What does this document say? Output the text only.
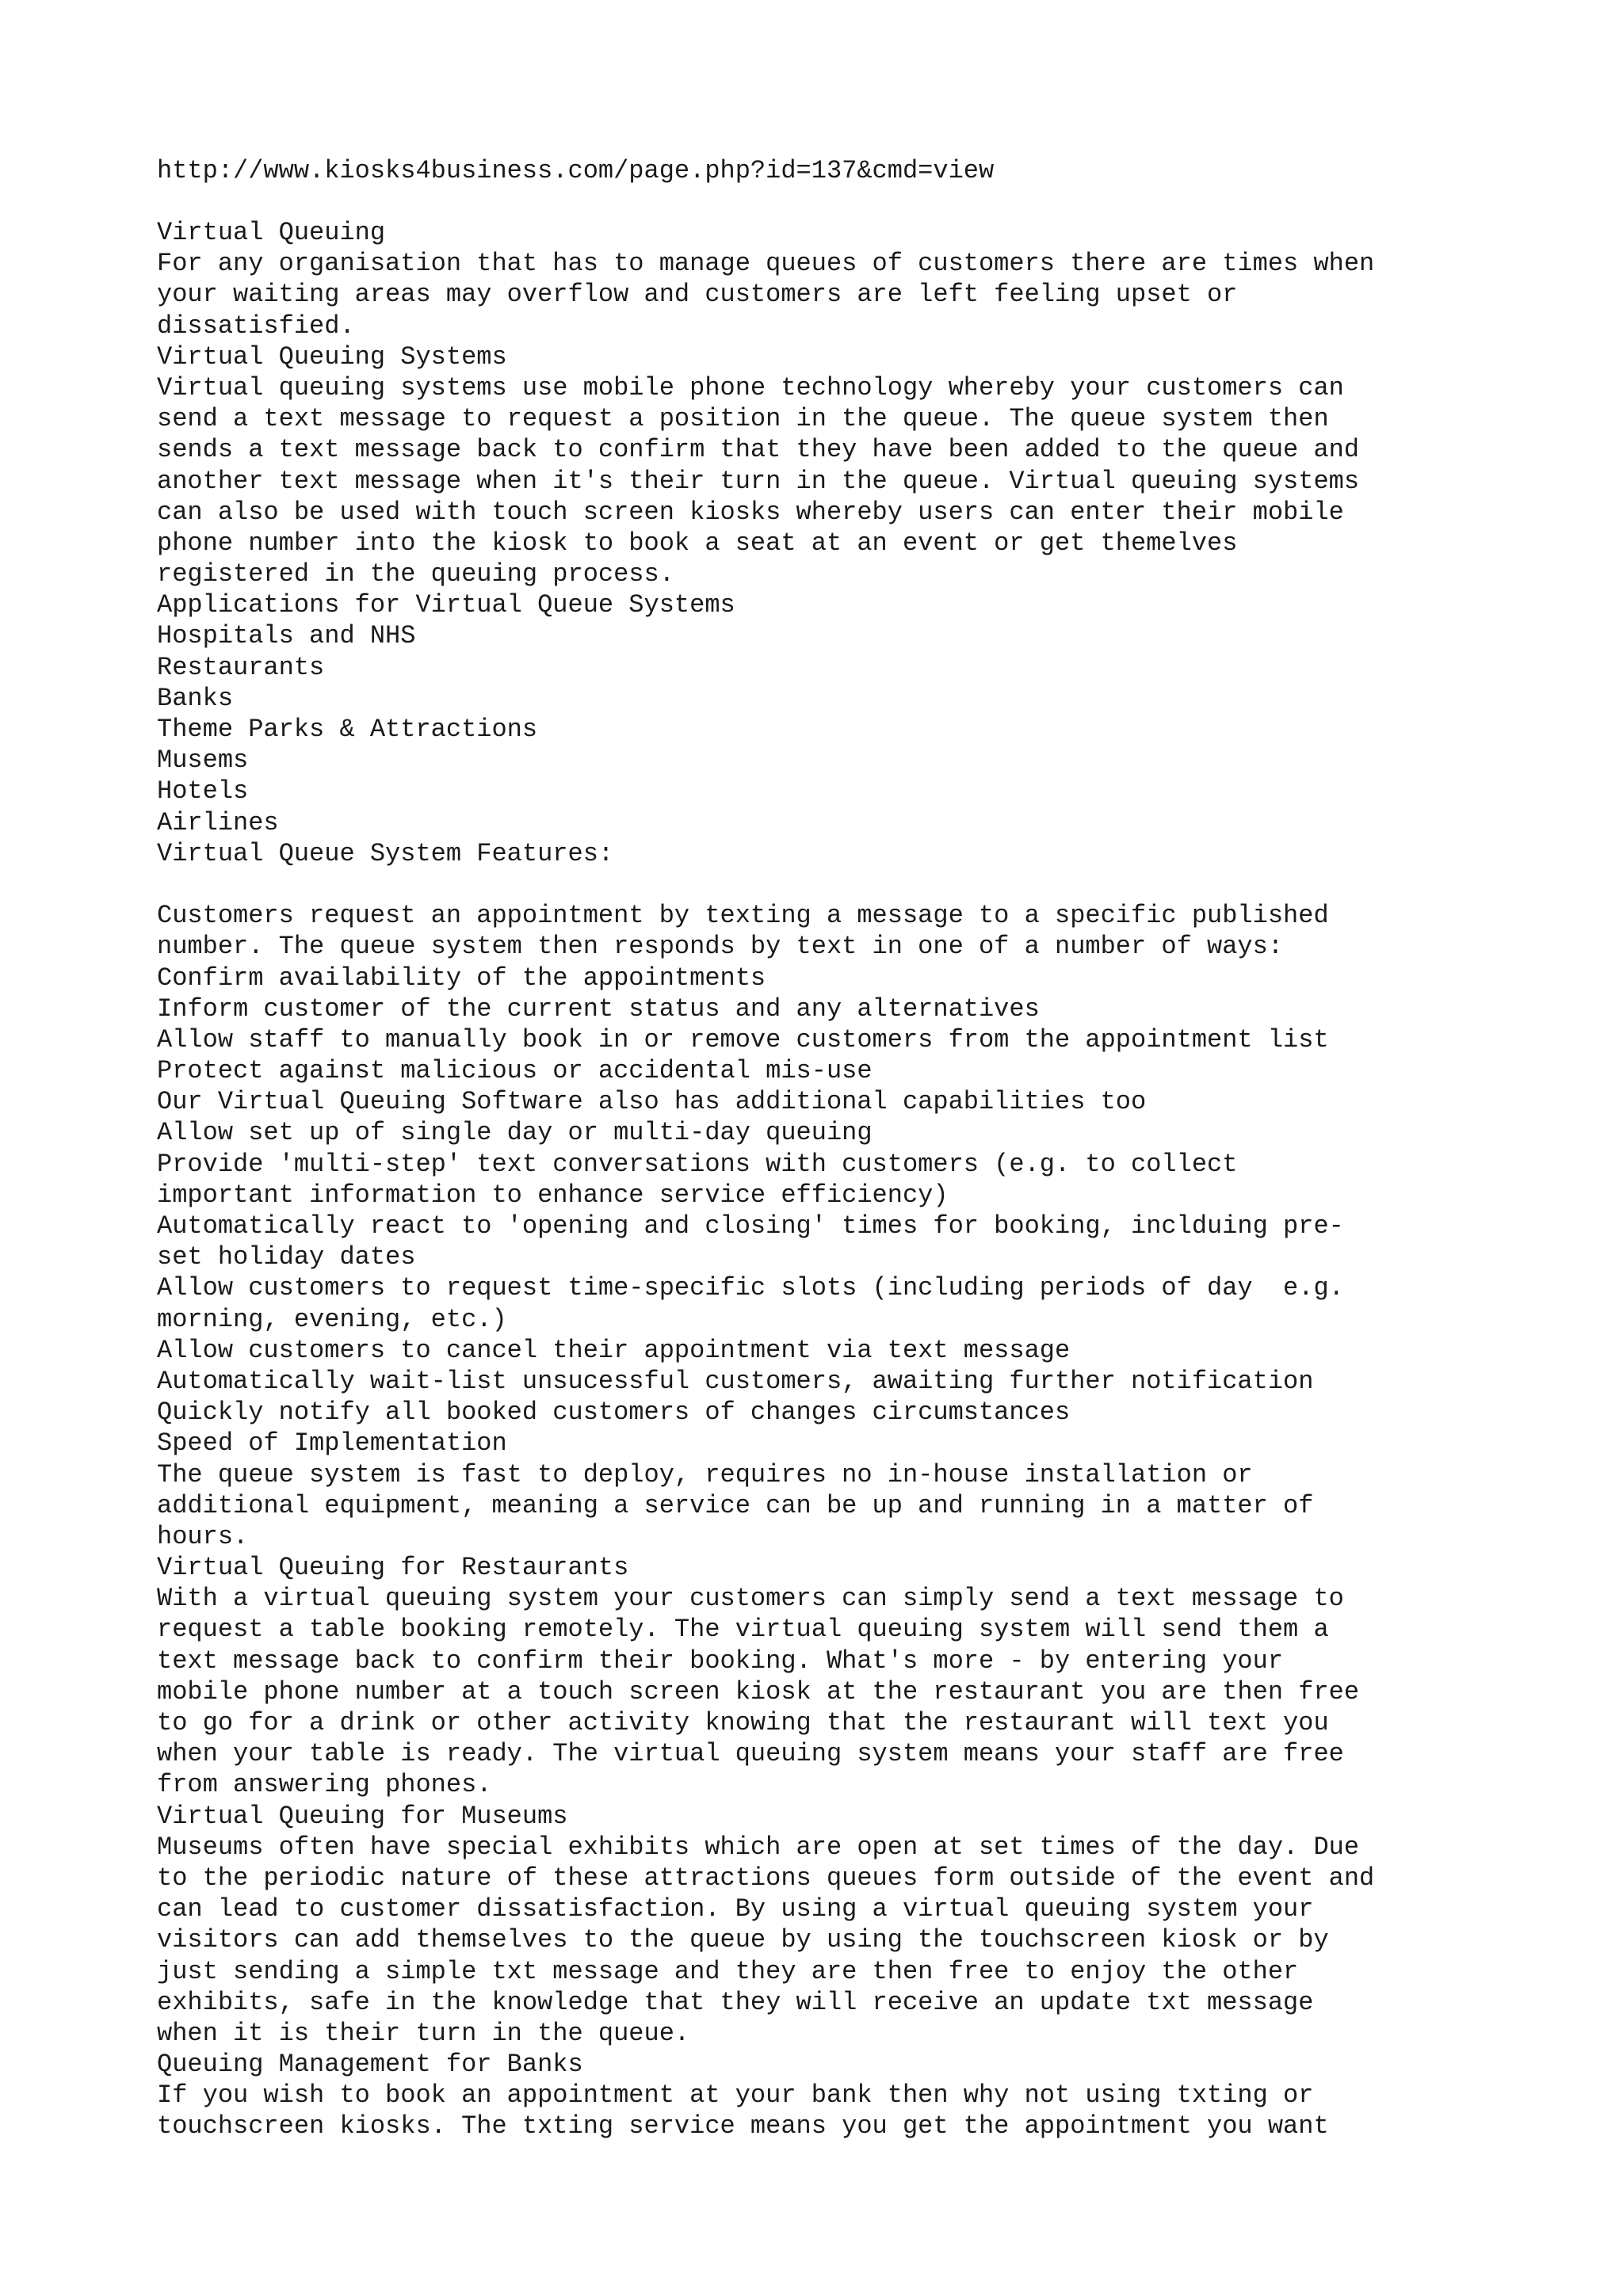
http://www.kiosks4business.com/page.php?id=137&cmd=view
Virtual Queuing
For any organisation that has to manage queues of customers there are times when
your waiting areas may overflow and customers are left feeling upset or
dissatisfied.
Virtual Queuing Systems
Virtual queuing systems use mobile phone technology whereby your customers can
send a text message to request a position in the queue. The queue system then
sends a text message back to confirm that they have been added to the queue and
another text message when it's their turn in the queue. Virtual queuing systems
can also be used with touch screen kiosks whereby users can enter their mobile
phone number into the kiosk to book a seat at an event or get themelves
registered in the queuing process.
Applications for Virtual Queue Systems
Hospitals and NHS
Restaurants
Banks
Theme Parks & Attractions
Musems
Hotels
Airlines
Virtual Queue System Features:
Customers request an appointment by texting a message to a specific published
number. The queue system then responds by text in one of a number of ways:
Confirm availability of the appointments
Inform customer of the current status and any alternatives
Allow staff to manually book in or remove customers from the appointment list
Protect against malicious or accidental mis-use
Our Virtual Queuing Software also has additional capabilities too
Allow set up of single day or multi-day queuing
Provide 'multi-step' text conversations with customers (e.g. to collect
important information to enhance service efficiency)
Automatically react to 'opening and closing' times for booking, inclduing pre-
set holiday dates
Allow customers to request time-specific slots (including periods of day  e.g.
morning, evening, etc.)
Allow customers to cancel their appointment via text message
Automatically wait-list unsucessful customers, awaiting further notification
Quickly notify all booked customers of changes circumstances
Speed of Implementation
The queue system is fast to deploy, requires no in-house installation or
additional equipment, meaning a service can be up and running in a matter of
hours.
Virtual Queuing for Restaurants
With a virtual queuing system your customers can simply send a text message to
request a table booking remotely. The virtual queuing system will send them a
text message back to confirm their booking. What's more - by entering your
mobile phone number at a touch screen kiosk at the restaurant you are then free
to go for a drink or other activity knowing that the restaurant will text you
when your table is ready. The virtual queuing system means your staff are free
from answering phones.
Virtual Queuing for Museums
Museums often have special exhibits which are open at set times of the day. Due
to the periodic nature of these attractions queues form outside of the event and
can lead to customer dissatisfaction. By using a virtual queuing system your
visitors can add themselves to the queue by using the touchscreen kiosk or by
just sending a simple txt message and they are then free to enjoy the other
exhibits, safe in the knowledge that they will receive an update txt message
when it is their turn in the queue.
Queuing Management for Banks
If you wish to book an appointment at your bank then why not using txting or
touchscreen kiosks. The txting service means you get the appointment you want
